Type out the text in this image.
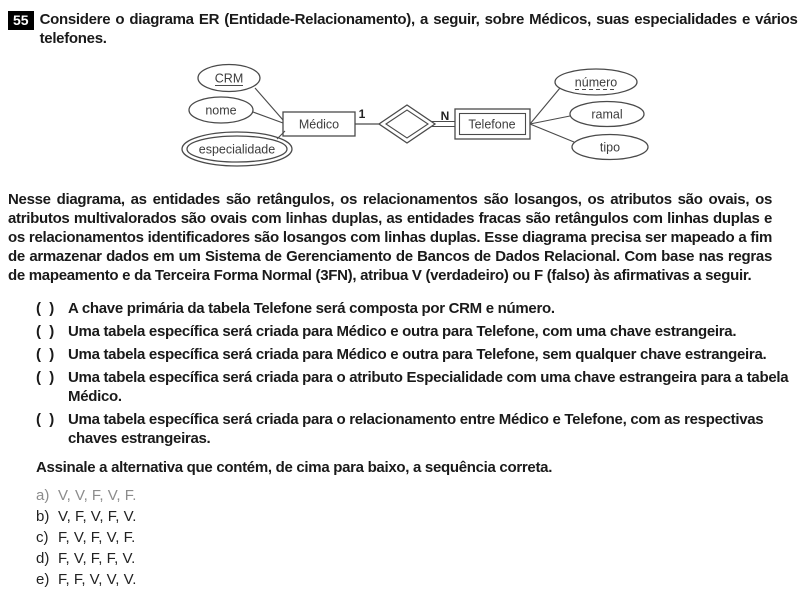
55 Considere o diagrama ER (Entidade-Relacionamento), a seguir, sobre Médicos, suas especialidades e vários telefones.
CRM
nome
especialidade
Médico
1	N
Telefone
número
ramal
tipo
Nesse diagrama, as entidades são retângulos, os relacionamentos são losangos, os atributos são ovais, os atributos multivalorados são ovais com linhas duplas, as entidades fracas são retângulos com linhas duplas e os relacionamentos identificadores são losangos com linhas duplas. Esse diagrama precisa ser mapeado a fim de armazenar dados em um Sistema de Gerenciamento de Bancos de Dados Relacional. Com base nas regras de mapeamento e da Terceira Forma Normal (3FN), atribua V (verdadeiro) ou F (falso) às afirmativas a seguir.
( ) A chave primária da tabela Telefone será composta por CRM e número.
( ) Uma tabela específica será criada para Médico e outra para Telefone, com uma chave estrangeira.
( ) Uma tabela específica será criada para Médico e outra para Telefone, sem qualquer chave estrangeira.
( ) Uma tabela específica será criada para o atributo Especialidade com uma chave estrangeira para a tabela Médico.
( ) Uma tabela específica será criada para o relacionamento entre Médico e Telefone, com as respectivas chaves estrangeiras.
Assinale a alternativa que contém, de cima para baixo, a sequência correta.
a) V, V, F, V, F.
b) V, F, V, F, V.
c) F, V, F, V, F.
d) F, V, F, F, V.
e) F, F, V, V, V.
